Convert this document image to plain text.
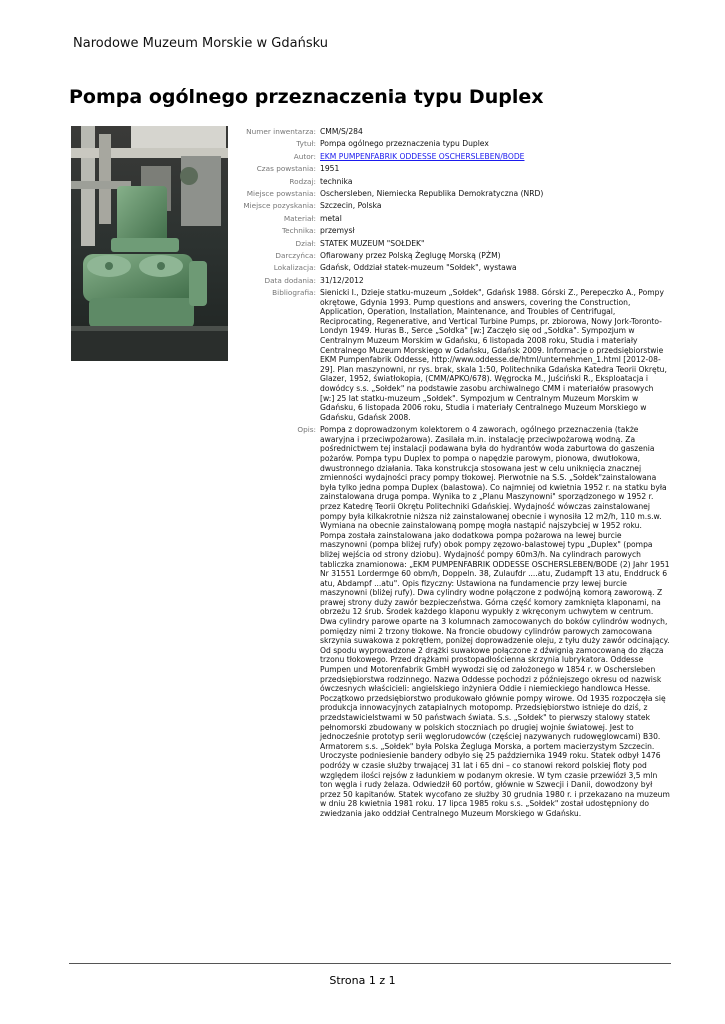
Narodowe Muzeum Morskie w Gdańsku
Pompa ogólnego przeznaczenia typu Duplex
Numer inwentarza: CMM/S/284
Tytuł: Pompa ogólnego przeznaczenia typu Duplex
Autor: EKM PUMPENFABRIK ODDESSE OSCHERSLEBEN/BODE
Czas powstania: 1951
Rodzaj: technika
Miejsce powstania: Oschersleben, Niemiecka Republika Demokratyczna (NRD)
Miejsce pozyskania: Szczecin, Polska
Materiał: metal
Technika: przemysł
Dział: STATEK MUZEUM "SOŁDEK"
Darczyńca: Ofiarowany przez Polską Żeglugę Morską (PŻM)
Lokalizacja: Gdańsk, Oddział statek-muzeum "Sołdek", wystawa
Data dodania: 31/12/2012
Bibliografia: Sienicki I., Dzieje statku-muzeum „Sołdek", Gdańsk 1988. Górski Z., Perepeczko A., Pompy okrętowe, Gdynia 1993. Pump questions and answers, covering the Construction, Application, Operation, Installation, Maintenance, and Troubles of Centrifugal, Reciprocating, Regenerative, and Vertical Turbine Pumps, pr. zbiorowa, Nowy Jork-Toronto-Londyn 1949. Huras B., Serce „Sołdka" [w:] Zaczęło się od „Sołdka". Sympozjum w Centralnym Muzeum Morskim w Gdańsku, 6 listopada 2008 roku, Studia i materiały Centralnego Muzeum Morskiego w Gdańsku, Gdańsk 2009. Informacje o przedsiębiorstwie EKM Pumpenfabrik Oddesse, http://www.oddesse.de/html/unternehmen_1.html [2012-08-29]. Plan maszynowni, nr rys. brak, skala 1:50, Politechnika Gdańska Katedra Teorii Okrętu, Glazer, 1952, światłokopia, (CMM/APKO/678). Węgrocka M., Juściński R., Eksploatacja i dowódcy s.s. „Sołdek" na podstawie zasobu archiwalnego CMM i materiałów prasowych [w:] 25 lat statku-muzeum „Sołdek". Sympozjum w Centralnym Muzeum Morskim w Gdańsku, 6 listopada 2006 roku, Studia i materiały Centralnego Muzeum Morskiego w Gdańsku, Gdańsk 2008.
Opis: Pompa z doprowadzonym kolektorem o 4 zaworach, ogólnego przeznaczenia (także awaryjna i przeciwpożarowa). Zasilała m.in. instalację przeciwpożarową wodną. Za pośrednictwem tej instalacji podawana była do hydrantów woda zaburtowa do gaszenia pożarów. Pompa typu Duplex to pompa o napędzie parowym, pionowa, dwutłokowa, dwustronnego działania. Taka konstrukcja stosowana jest w celu uniknięcia znacznej zmienności wydajności pracy pompy tłokowej. Pierwotnie na S.S. „Sołdek"zainstalowana była tylko jedna pompa Duplex (balastowa). Co najmniej od kwietnia 1952 r. na statku była zainstalowana druga pompa. Wynika to z „Planu Maszynowni" sporządzonego w 1952 r. przez Katedrę Teorii Okrętu Politechniki Gdańskiej. Wydajność wówczas zainstalowanej pompy była kilkakrotnie niższa niż zainstalowanej obecnie i wynosiła 12 m2/h, 110 m.s.w. Wymiana na obecnie zainstalowaną pompę mogła nastąpić najszybciej w 1952 roku. Pompa została zainstalowana jako dodatkowa pompa pożarowa na lewej burcie maszynowni (pompa bliżej rufy) obok pompy zęzowo-balastowej typu „Duplex" (pompa bliżej wejścia od strony dziobu). Wydajność pompy 60m3/h. Na cylindrach parowych tabliczka znamionowa: „EKM PUMPENFABRIK ODDESSE OSCHERSLEBEN/BODE (2) Jahr 1951 Nr 31551 Lordermge 60 obm/h, Doppeln. 38, Zulaufdr ....atu, Zudampft 13 atu, Enddruck 6 atu, Abdampf ...atu". Opis fizyczny: Ustawiona na fundamencie przy lewej burcie maszynowni (bliżej rufy). Dwa cylindry wodne połączone z podwójną komorą zaworową. Z prawej strony duży zawór bezpieczeństwa. Górna część komory zamknięta klaponami, na obrzeżu 12 śrub. Środek każdego klaponu wypukły z wkręconym uchwytem w centrum. Dwa cylindry parowe oparte na 3 kolumnach zamocowanych do boków cylindrów wodnych, pomiędzy nimi 2 trzony tłokowe. Na froncie obudowy cylindrów parowych zamocowana skrzynia suwakowa z pokrętłem, poniżej doprowadzenie oleju, z tyłu duży zawór odcinający. Od spodu wyprowadzone 2 drążki suwakowe połączone z dźwignią zamocowaną do złącza trzonu tłokowego. Przed drążkami prostopadłościenna skrzynia lubrykatora. Oddesse Pumpen und Motorenfabrik GmbH wywodzi się od założonego w 1854 r. w Oschersleben przedsiębiorstwa rodzinnego. Nazwa Oddesse pochodzi z późniejszego okresu od nazwisk ówczesnych właścicieli: angielskiego inżyniera Oddie i niemieckiego handlowca Hesse. Początkowo przedsiębiorstwo produkowało głównie pompy wirowe. Od 1935 rozpoczęła się produkcja innowacyjnych zatapialnych motopomp. Przedsiębiorstwo istnieje do dziś, z przedstawicielstwami w 50 państwach świata. S.s. „Sołdek" to pierwszy stalowy statek pełnomorski zbudowany w polskich stoczniach po drugiej wojnie światowej. Jest to jednocześnie prototyp serii węglorudowców (częściej nazywanych rudowęglowcami) B30. Armatorem s.s. „Sołdek" była Polska Żegluga Morska, a portem macierzystym Szczecin. Uroczyste podniesienie bandery odbyło się 25 października 1949 roku. Statek odbył 1476 podróży w czasie służby trwającej 31 lat i 65 dni – co stanowi rekord polskiej floty pod względem ilości rejsów z ładunkiem w podanym okresie. W tym czasie przewiózł 3,5 mln ton węgla i rudy żelaza. Odwiedził 60 portów, głównie w Szwecji i Danii, dowodzony był przez 50 kapitanów. Statek wycofano ze służby 30 grudnia 1980 r. i przekazano na muzeum w dniu 28 kwietnia 1981 roku. 17 lipca 1985 roku s.s. „Sołdek" został udostępniony do zwiedzania jako oddział Centralnego Muzeum Morskiego w Gdańsku.
Strona 1 z 1
